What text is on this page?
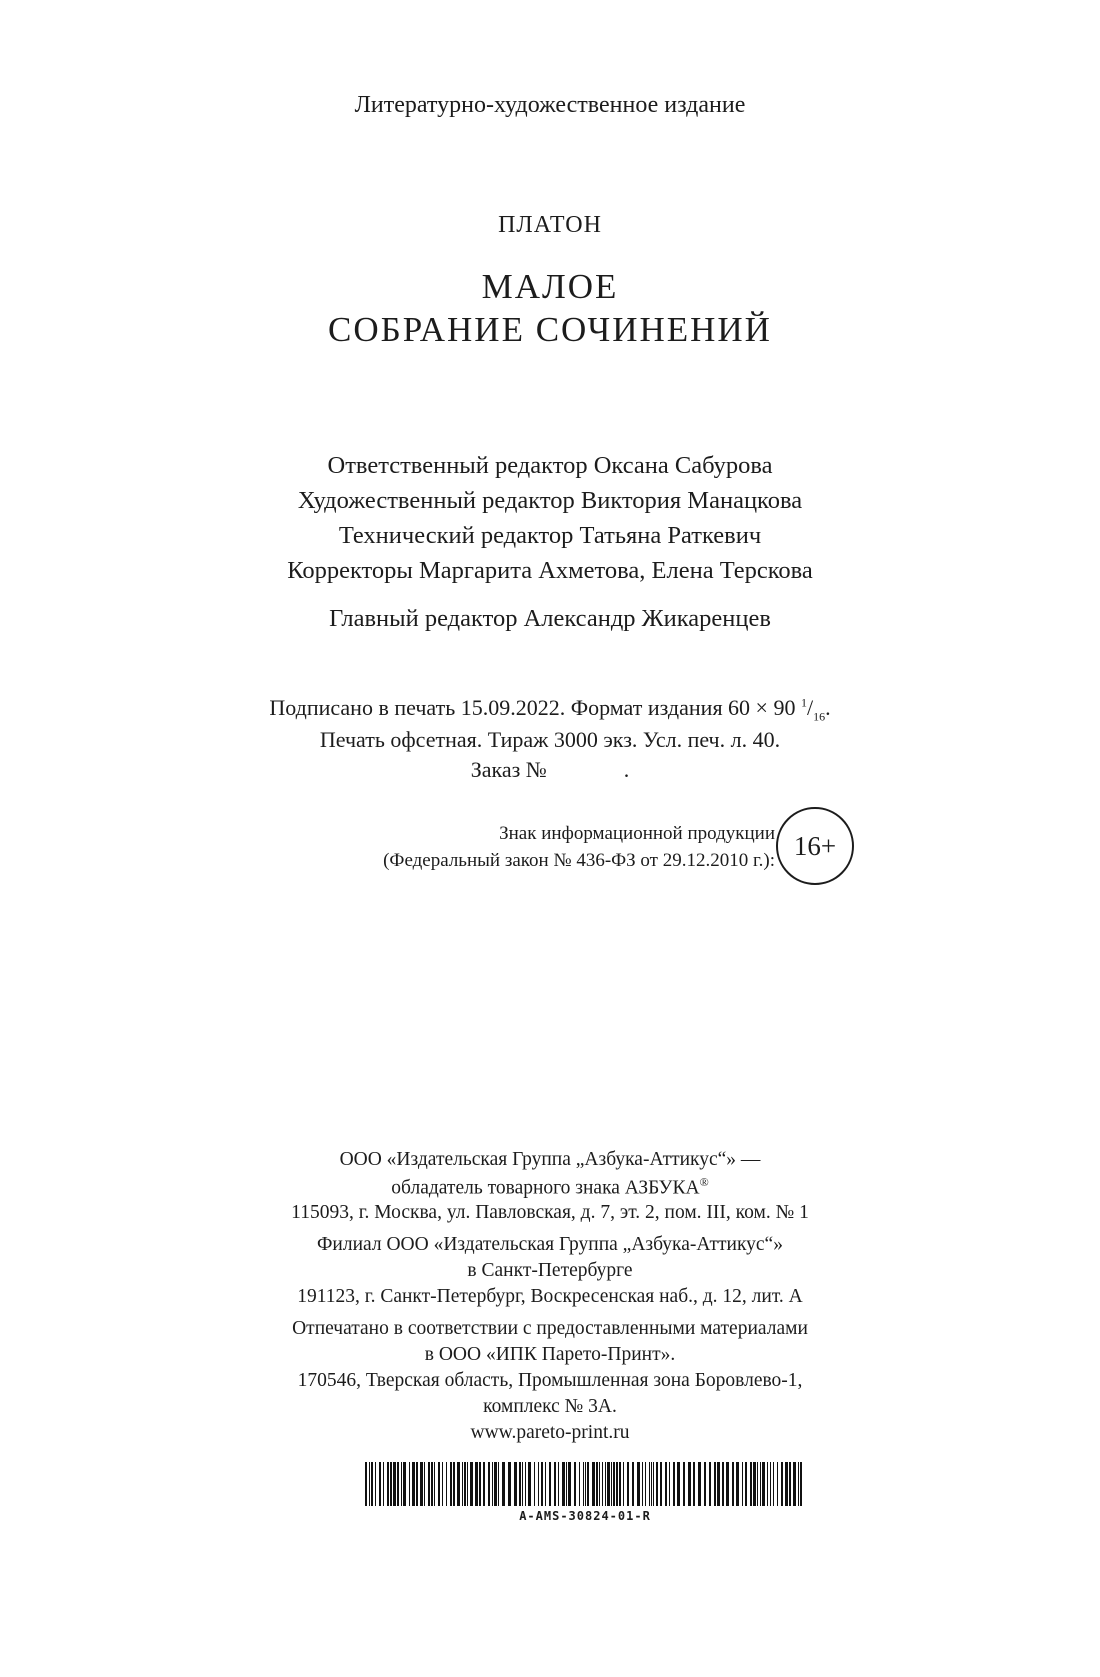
Литературно-художественное издание
ПЛАТОН
МАЛОЕ
СОБРАНИЕ СОЧИНЕНИЙ
Ответственный редактор Оксана Сабурова
Художественный редактор Виктория Манацкова
Технический редактор Татьяна Раткевич
Корректоры Маргарита Ахметова, Елена Терскова
Главный редактор Александр Жикаренцев
Подписано в печать 15.09.2022. Формат издания 60 × 90 $^1/_{16}$.
Печать офсетная. Тираж 3000 экз. Усл. печ. л. 40.
Заказ №              .
Знак информационной продукции
(Федеральный закон № 436-ФЗ от 29.12.2010 г.): 16+
ООО «Издательская Группа „Азбука-Аттикус“» —
обладатель товарного знака АЗБУКА®
115093, г. Москва, ул. Павловская, д. 7, эт. 2, пом. III, ком. № 1
Филиал ООО «Издательская Группа „Азбука-Аттикус“»
в Санкт-Петербурге
191123, г. Санкт-Петербург, Воскресенская наб., д. 12, лит. А
Отпечатано в соответствии с предоставленными материалами
в ООО «ИПК Парето-Принт».
170546, Тверская область, Промышленная зона Боровлево-1,
комплекс № 3А.
www.pareto-print.ru
A-AMS-30824-01-R
